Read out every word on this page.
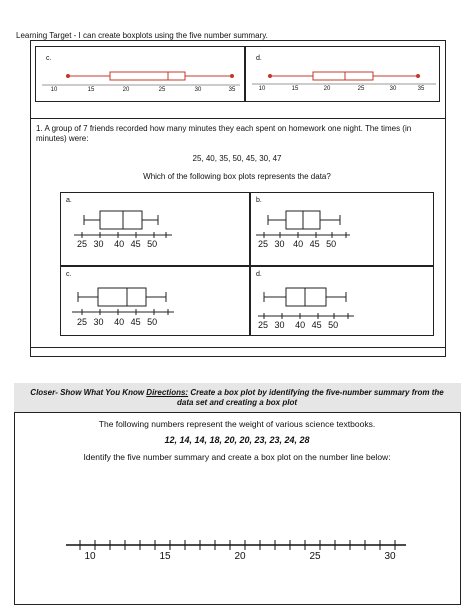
Learning Target - I can create boxplots using the five number summary.
c.	d.
10	15	20	25	30	35	10	15	20	25	30	35
1. A group of 7 friends recorded how many minutes they each spent on homework one night. The times (in minutes) were:
25, 40, 35, 50, 45, 30, 47
Which of the following box plots represents the data?
a.	b.
c.	d.
25 30 40 45 50	25 30 40 45 50
25 30 40 45 50	25 30 40 45 50
Closer- Show What You Know Directions: Create a box plot by identifying the five-number summary from the data set and creating a box plot
The following numbers represent the weight of various science textbooks.
12, 14, 14, 18, 20, 20, 23, 23, 24, 28
Identify the five number summary and create a box plot on the number line below:
10	15	20	25	30
